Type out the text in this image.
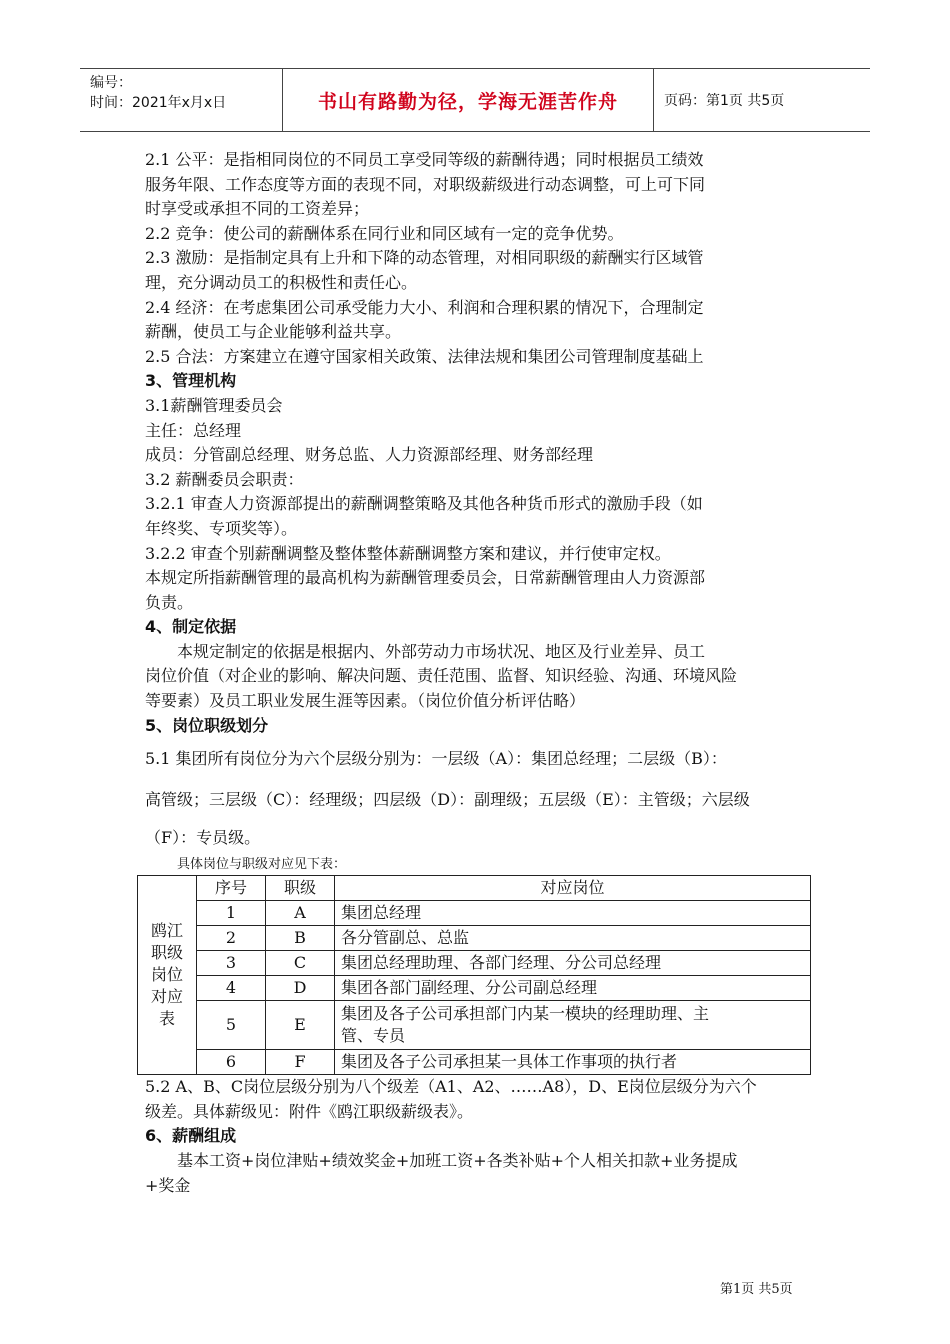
编号：
时间：2021年x月x日	书山有路勤为径，学海无涯苦作舟	页码：第1页 共5页
2.1 公平：是指相同岗位的不同员工享受同等级的薪酬待遇；同时根据员工绩效
服务年限、工作态度等方面的表现不同，对职级薪级进行动态调整，可上可下同
时享受或承担不同的工资差异；
2.2 竞争：使公司的薪酬体系在同行业和同区域有一定的竞争优势。
2.3 激励：是指制定具有上升和下降的动态管理，对相同职级的薪酬实行区域管
理，充分调动员工的积极性和责任心。
2.4 经济：在考虑集团公司承受能力大小、利润和合理积累的情况下，合理制定
薪酬，使员工与企业能够利益共享。
2.5 合法：方案建立在遵守国家相关政策、法律法规和集团公司管理制度基础上
3、管理机构
3.1薪酬管理委员会
主任：总经理
成员：分管副总经理、财务总监、人力资源部经理、财务部经理
3.2 薪酬委员会职责：
3.2.1 审查人力资源部提出的薪酬调整策略及其他各种货币形式的激励手段（如
年终奖、专项奖等）。
3.2.2 审查个别薪酬调整及整体整体薪酬调整方案和建议，并行使审定权。
本规定所指薪酬管理的最高机构为薪酬管理委员会，日常薪酬管理由人力资源部
负责。
4、制定依据
本规定制定的依据是根据内、外部劳动力市场状况、地区及行业差异、员工
岗位价值（对企业的影响、解决问题、责任范围、监督、知识经验、沟通、环境风险
等要素）及员工职业发展生涯等因素。（岗位价值分析评估略）
5、岗位职级划分
5.1 集团所有岗位分为六个层级分别为：一层级（A）：集团总经理；二层级（B）：
高管级；三层级（C）：经理级；四层级（D）：副理级；五层级（E）：主管级；六层级
（F）：专员级。
具体岗位与职级对应见下表：
鸥江
职级
岗位
对应
表	序号	职级	对应岗位
	1	A	集团总经理
	2	B	各分管副总、总监
	3	C	集团总经理助理、各部门经理、分公司总经理
	4	D	集团各部门副经理、分公司副总经理
	5	E	集团及各子公司承担部门内某一模块的经理助理、主
管、专员

	6	F	集团及各子公司承担某一具体工作事项的执行者
5.2 A、B、C岗位层级分别为八个级差（A1、A2、……A8），D、E岗位层级分为六个
级差。具体薪级见：附件《鸥江职级薪级表》。
6、薪酬组成
基本工资+岗位津贴+绩效奖金+加班工资+各类补贴+个人相关扣款+业务提成
+奖金
第1页 共5页
